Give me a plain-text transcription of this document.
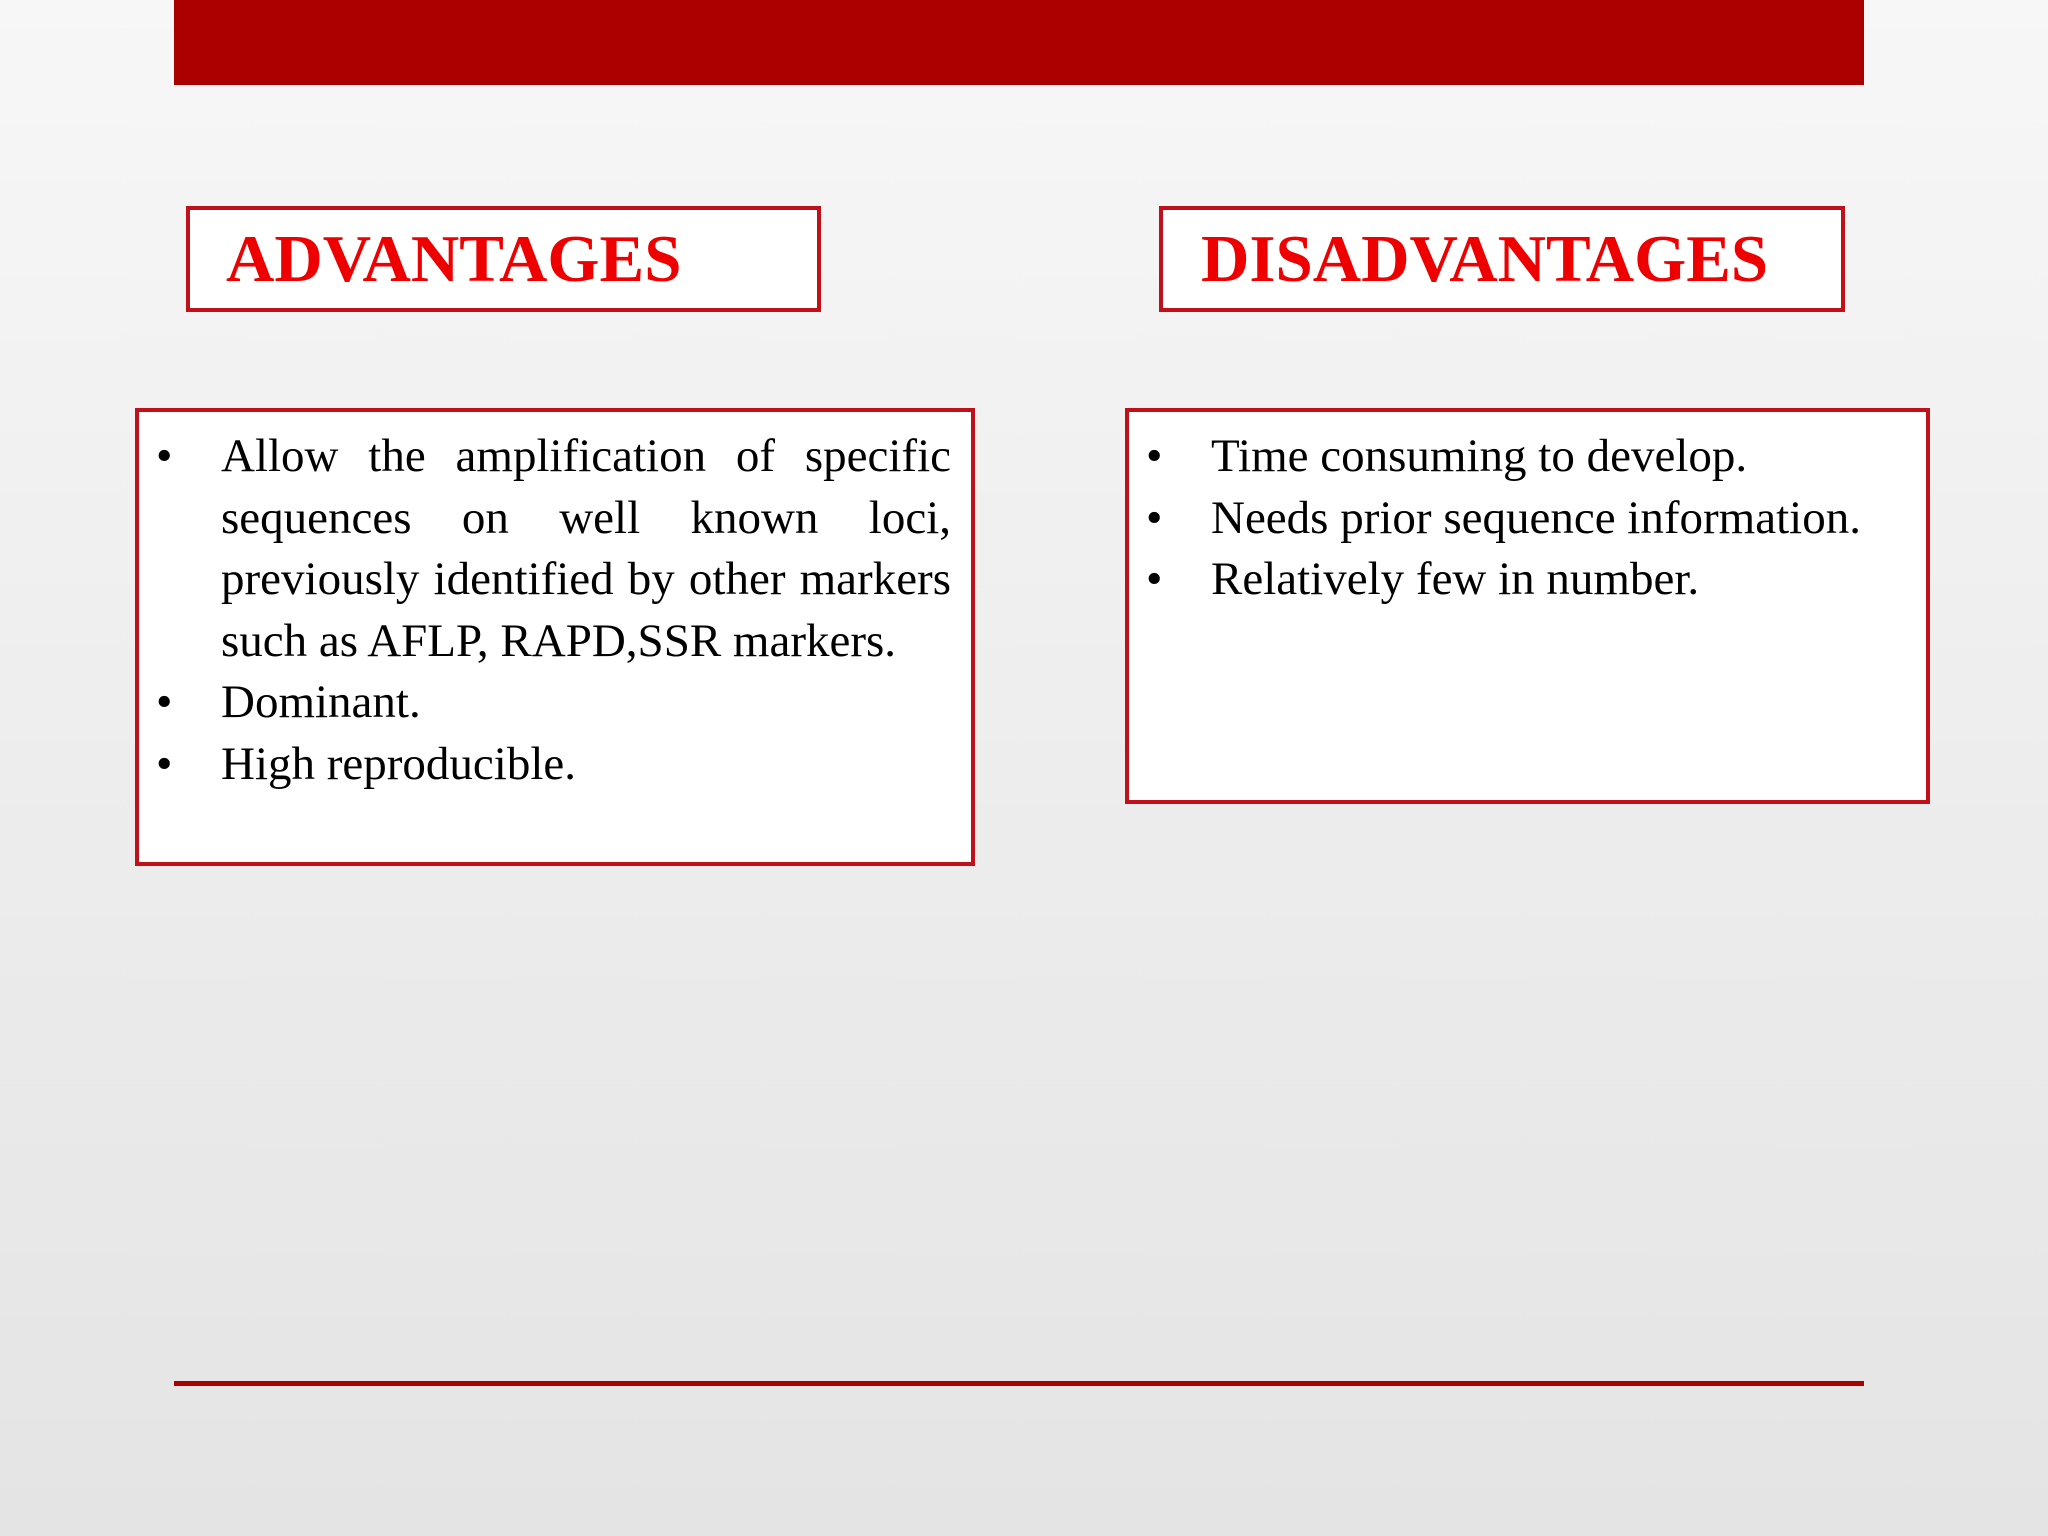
ADVANTAGES	DISADVANTAGES
•	Allow the amplification of specific sequences on well known loci, previously identified by other markers such as AFLP, RAPD,SSR markers.
•	Dominant.
•	High reproducible.
•	Time consuming to develop.
•	Needs prior sequence information.
•	Relatively few in number.
